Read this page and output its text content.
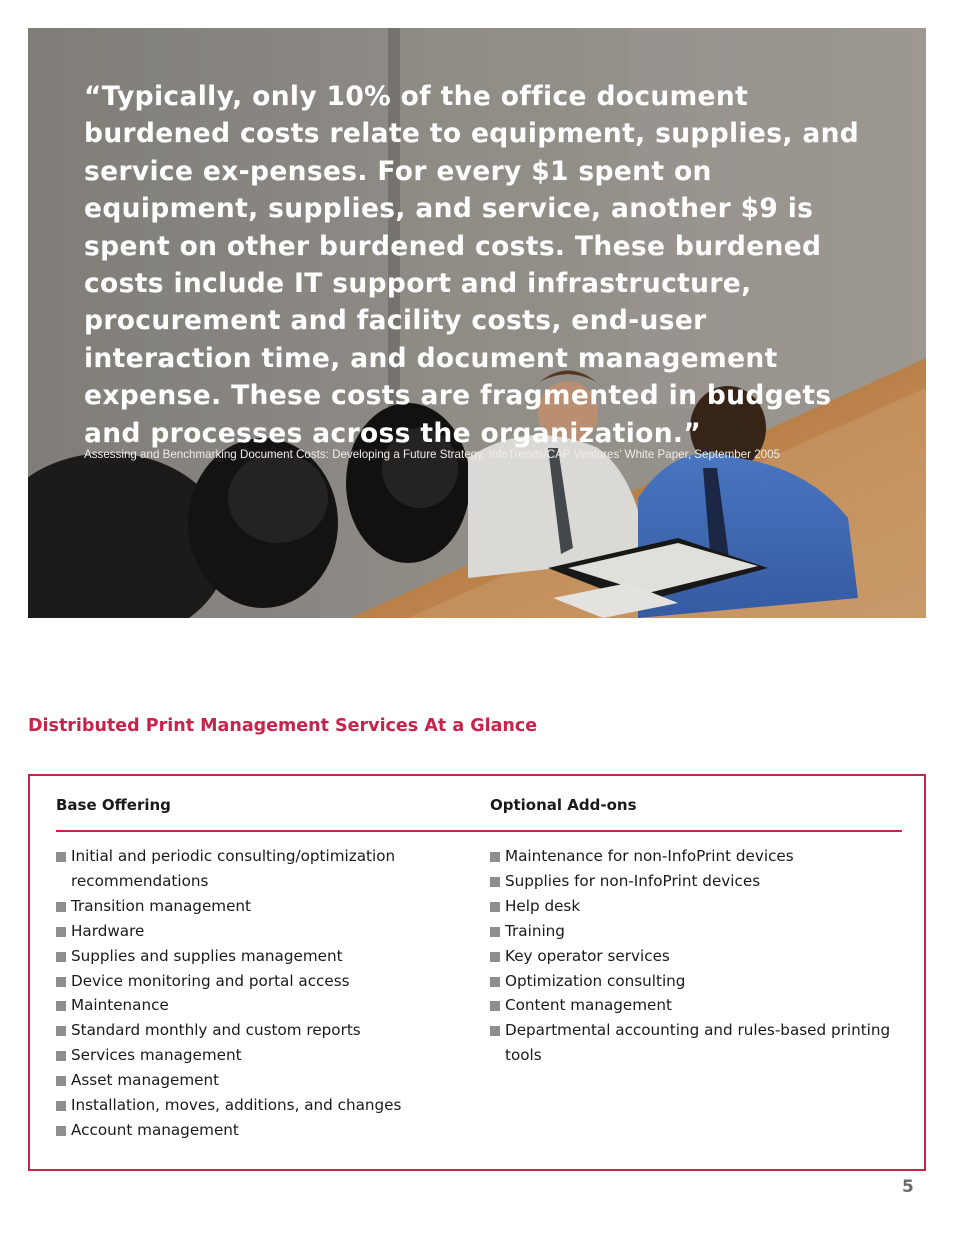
“Typically, only 10% of the office document burdened costs relate to equipment, supplies, and service ex-penses. For every $1 spent on equipment, supplies, and service, another $9 is spent on other burdened costs. These burdened costs include IT support and infrastructure, procurement and facility costs, end-user interaction time, and document management expense. These costs are fragmented in budgets and processes across the organization.”

Assessing and Benchmarking Document Costs: Developing a Future Strategy, InfoTrends/CAP Ventures’ White Paper, September 2005

Distributed Print Management Services At a Glance
Base Offering	Optional Add-ons
Initial and periodic consulting/optimization recommendations
Transition management
Hardware
Supplies and supplies management
Device monitoring and portal access
Maintenance
Standard monthly and custom reports
Services management
Asset management
Installation, moves, additions, and changes
Account management
Maintenance for non-InfoPrint devices
Supplies for non-InfoPrint devices
Help desk
Training
Key operator services
Optimization consulting
Content management
Departmental accounting and rules-based printing tools
5
